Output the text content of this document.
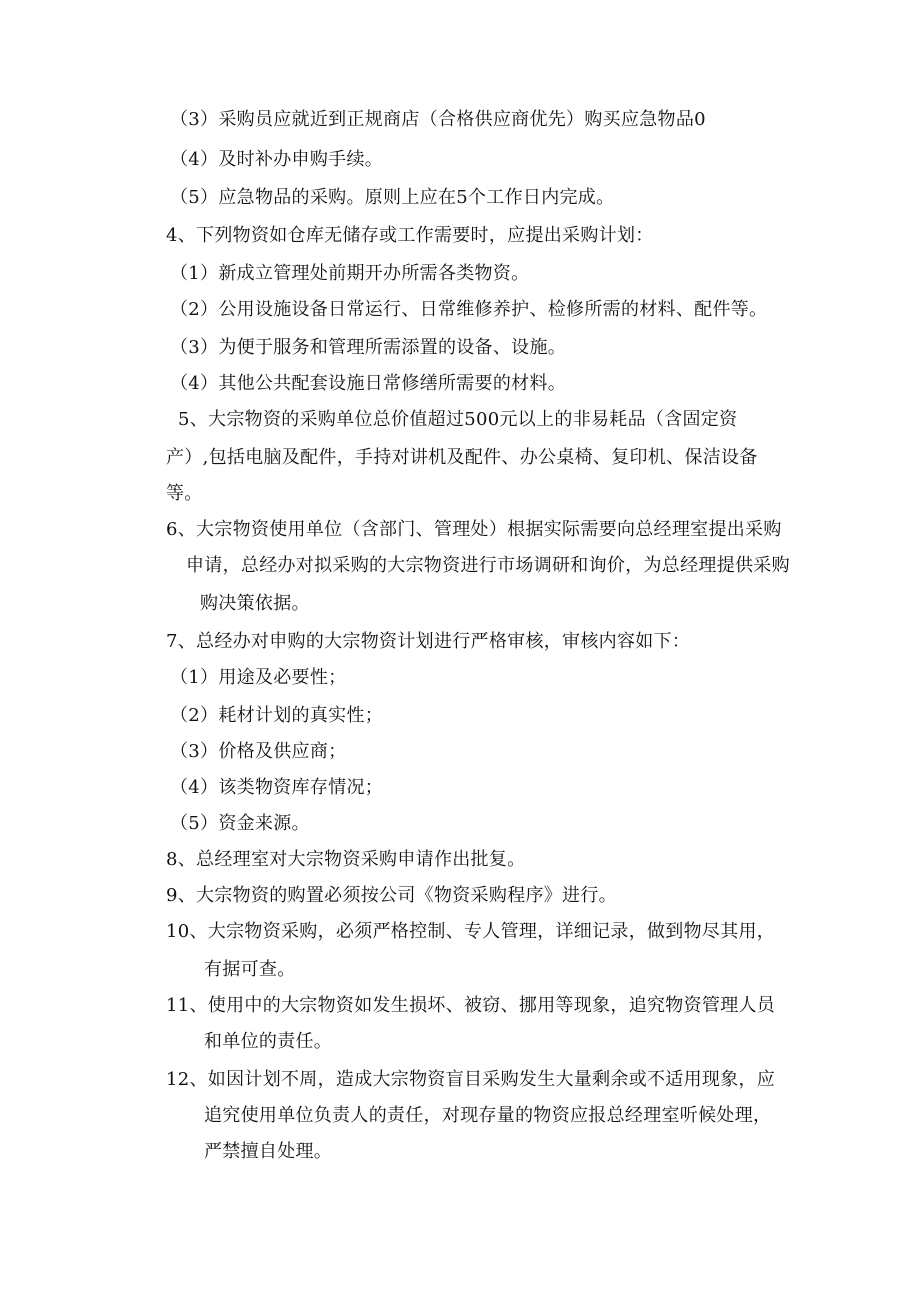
（3）采购员应就近到正规商店（合格供应商优先）购买应急物品0
（4）及时补办申购手续。
（5）应急物品的采购。原则上应在5个工作日内完成。
4、下列物资如仓库无储存或工作需要时，应提出采购计划：
（1）新成立管理处前期开办所需各类物资。
（2）公用设施设备日常运行、日常维修养护、检修所需的材料、配件等。
（3）为便于服务和管理所需添置的设备、设施。
（4）其他公共配套设施日常修缮所需要的材料。
5、大宗物资的采购单位总价值超过500元以上的非易耗品（含固定资
产）,包括电脑及配件，手持对讲机及配件、办公桌椅、复印机、保洁设备
等。
6、大宗物资使用单位（含部门、管理处）根据实际需要向总经理室提出采购
申请，总经办对拟采购的大宗物资进行市场调研和询价，为总经理提供采购
购决策依据。
7、总经办对申购的大宗物资计划进行严格审核，审核内容如下：
（1）用途及必要性；
（2）耗材计划的真实性；
（3）价格及供应商；
（4）该类物资库存情况；
（5）资金来源。
8、总经理室对大宗物资采购申请作出批复。
9、大宗物资的购置必须按公司《物资采购程序》进行。
10、大宗物资采购，必须严格控制、专人管理，详细记录，做到物尽其用，
有据可查。
11、使用中的大宗物资如发生损坏、被窃、挪用等现象，追究物资管理人员
和单位的责任。
12、如因计划不周，造成大宗物资盲目采购发生大量剩余或不适用现象，应
追究使用单位负责人的责任，对现存量的物资应报总经理室听候处理，
严禁擅自处理。
